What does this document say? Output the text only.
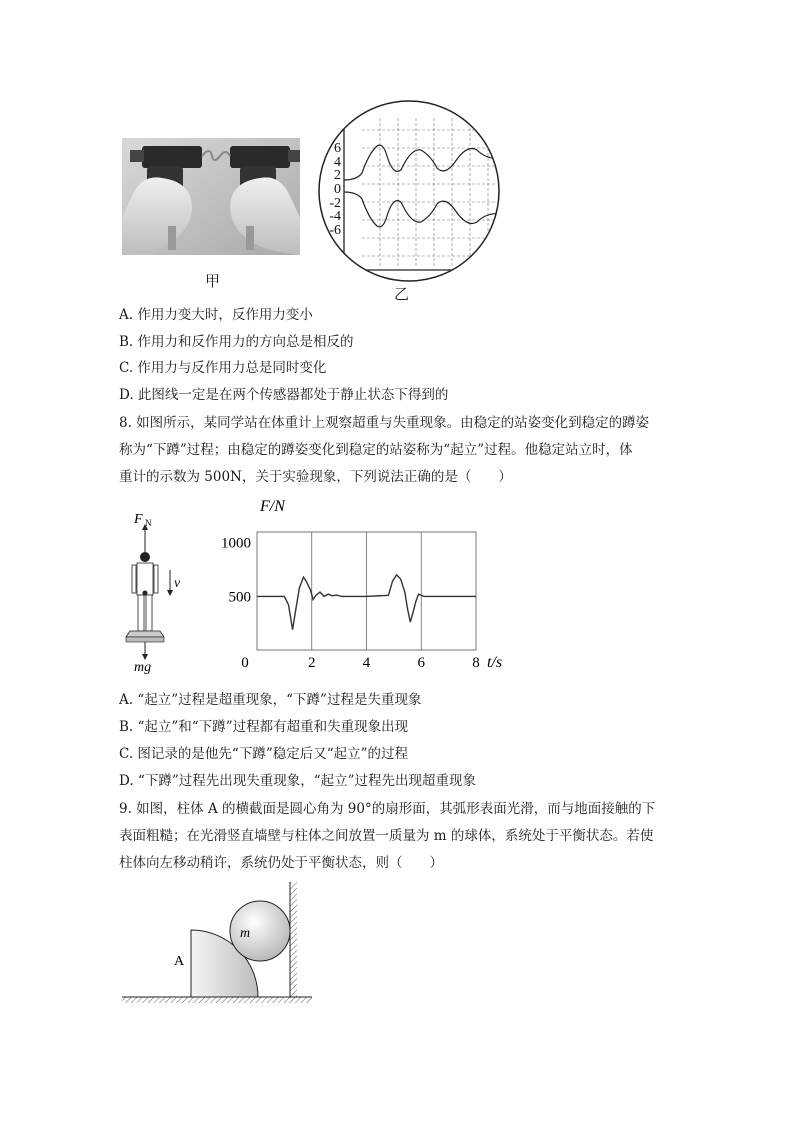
甲
6
4
2
0
-2
-4
-6
乙
A. 作用力变大时，反作用力变小
B. 作用力和反作用力的方向总是相反的
C. 作用力与反作用力总是同时变化
D. 此图线一定是在两个传感器都处于静止状态下得到的
8. 如图所示，某同学站在体重计上观察超重与失重现象。由稳定的站姿变化到稳定的蹲姿
称为“下蹲”过程；由稳定的蹲姿变化到稳定的站姿称为“起立”过程。他稳定站立时，体
重计的示数为 500N，关于实验现象，下列说法正确的是（　　）
F N
mg
v
F/N
t/s
500
1000
0	2	4	6	8
A. “起立”过程是超重现象，“下蹲”过程是失重现象
B. “起立”和“下蹲”过程都有超重和失重现象出现
C. 图记录的是他先“下蹲”稳定后又“起立”的过程
D. “下蹲”过程先出现失重现象，“起立”过程先出现超重现象
9. 如图，柱体 A 的横截面是圆心角为 90°的扇形面，其弧形表面光滑，而与地面接触的下
表面粗糙；在光滑竖直墙壁与柱体之间放置一质量为 m 的球体，系统处于平衡状态。若使
柱体向左移动稍许，系统仍处于平衡状态，则（　　）
m
A
